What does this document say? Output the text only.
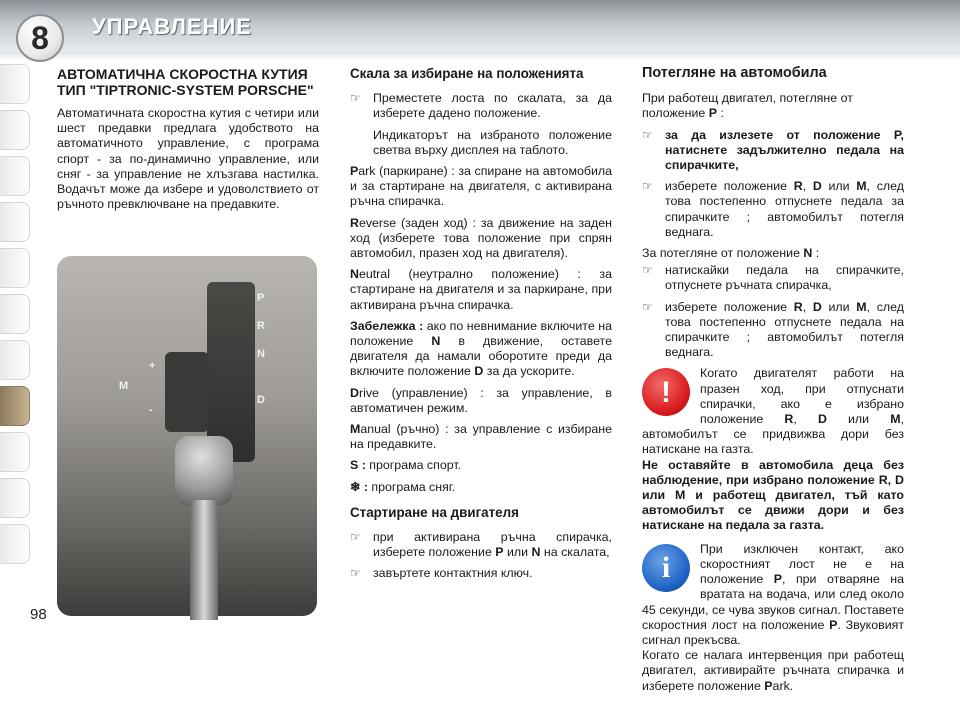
8 УПРАВЛЕНИЕ
98
АВТОМАТИЧНА СКОРОСТНА КУТИЯ ТИП "TIPTRONIC-SYSTEM PORSCHE"

Автоматичната скоростна кутия с четири или шест предавки предлага удобството на автоматичното управление, с програма спорт - за по-динамично управление, или сняг - за управление не хлъзгава настилка. Водачът може да избере и удоволствието от ръчното превключване на предавките.

P
R
N
D
M
+
-
Скала за избиране на положенията
☞ Преместете лоста по скалата, за да изберете дадено положение.

Индикаторът на избраното положение светва върху дисплея на таблото.

Park (паркиране) : за спиране на автомобила и за стартиране на двигателя, с активирана ръчна спирачка.

Reverse (заден ход) : за движение на заден ход (изберете това положение при спрян автомобил, празен ход на двигателя).

Neutral (неутрално положение) : за стартиране на двигателя и за паркиране, при активирана ръчна спирачка.

Забележка : ако по невнимание включите на положение N в движение, оставете двигателя да намали оборотите преди да включите положение D за да ускорите.

Drive (управление) : за управление, в автоматичен режим.

Manual (ръчно) : за управление с избиране на предавките.

S : програма спорт.

❄ : програма сняг.

Стартиране на двигателя
☞ при активирана ръчна спирачка, изберете положение P или N на скалата,
☞ завъртете контактния ключ.
Потегляне на автомобила

При работещ двигател, потегляне от положение P :

☞ за да излезете от положение P, натиснете задължително педала на спирачките,
☞ изберете положение R, D или M, след това постепенно отпуснете педала за спирачките ; автомобилът потегля веднага.

За потегляне от положение N :

☞ натискайки педала на спирачките, отпуснете ръчната спирачка,
☞ изберете положение R, D или M, след това постепенно отпуснете педала на спирачките ; автомобилът потегля веднага.
!

Когато двигателят работи на празен ход, при отпуснати спирачки, ако е избрано положение R, D или M, автомобилът се придвижва дори без натискане на газта.

Не оставяйте в автомобила деца без наблюдение, при избрано положение R, D или M и работещ двигател, тъй като автомобилът се движи дори и без натискане на педала за газта.

i

При изключен контакт, ако скоростният лост не е на положение P, при отваряне на вратата на водача, или след около 45 секунди, се чува звуков сигнал. Поставете скоростния лост на положение P. Звуковият сигнал прекъсва.

Когато се налага интервенция при работещ двигател, активирайте ръчната спирачка и изберете положение Park.
